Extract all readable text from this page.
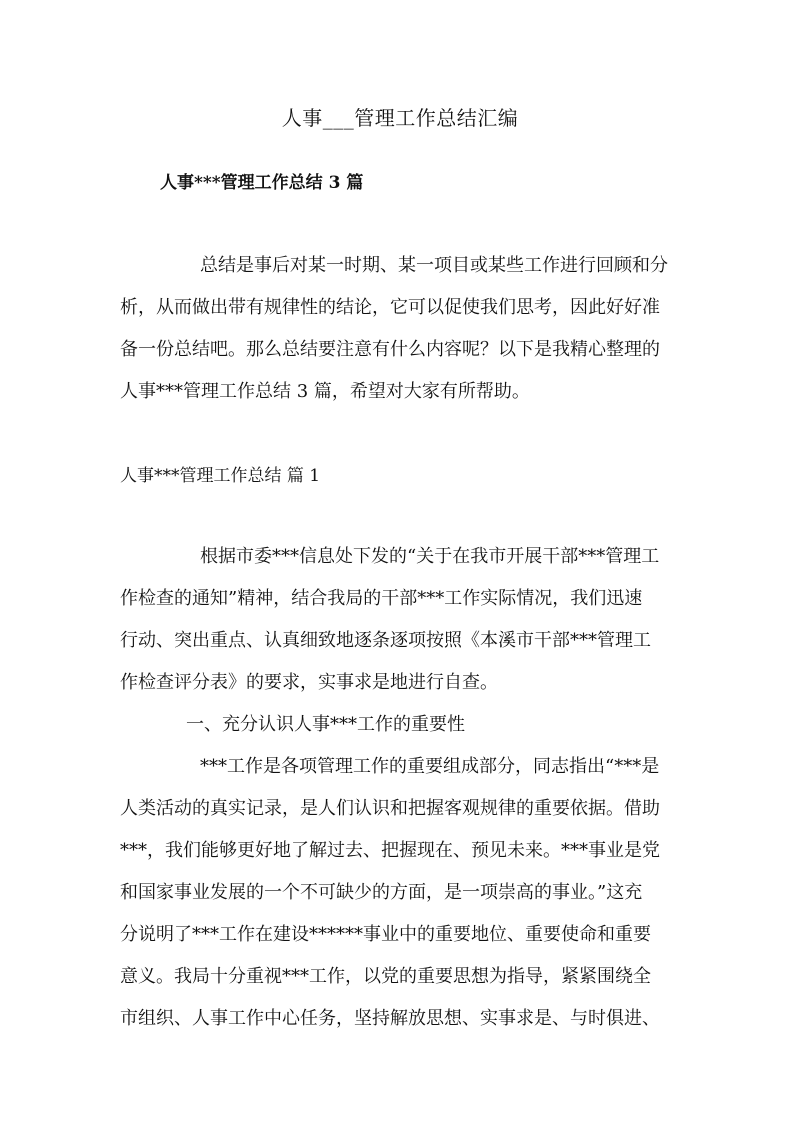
人事___管理工作总结汇编
人事***管理工作总结 3 篇
总结是事后对某一时期、某一项目或某些工作进行回顾和分
析，从而做出带有规律性的结论，它可以促使我们思考，因此好好准
备一份总结吧。那么总结要注意有什么内容呢？以下是我精心整理的
人事***管理工作总结 3 篇，希望对大家有所帮助。
人事***管理工作总结 篇 1
根据市委***信息处下发的“关于在我市开展干部***管理工
作检查的通知”精神，结合我局的干部***工作实际情况，我们迅速
行动、突出重点、认真细致地逐条逐项按照《本溪市干部***管理工
作检查评分表》的要求，实事求是地进行自查。
一、充分认识人事***工作的重要性
***工作是各项管理工作的重要组成部分，同志指出“***是
人类活动的真实记录，是人们认识和把握客观规律的重要依据。借助
***，我们能够更好地了解过去、把握现在、预见未来。***事业是党
和国家事业发展的一个不可缺少的方面，是一项崇高的事业。”这充
分说明了***工作在建设******事业中的重要地位、重要使命和重要
意义。我局十分重视***工作，以党的重要思想为指导，紧紧围绕全
市组织、人事工作中心任务，坚持解放思想、实事求是、与时俱进、
